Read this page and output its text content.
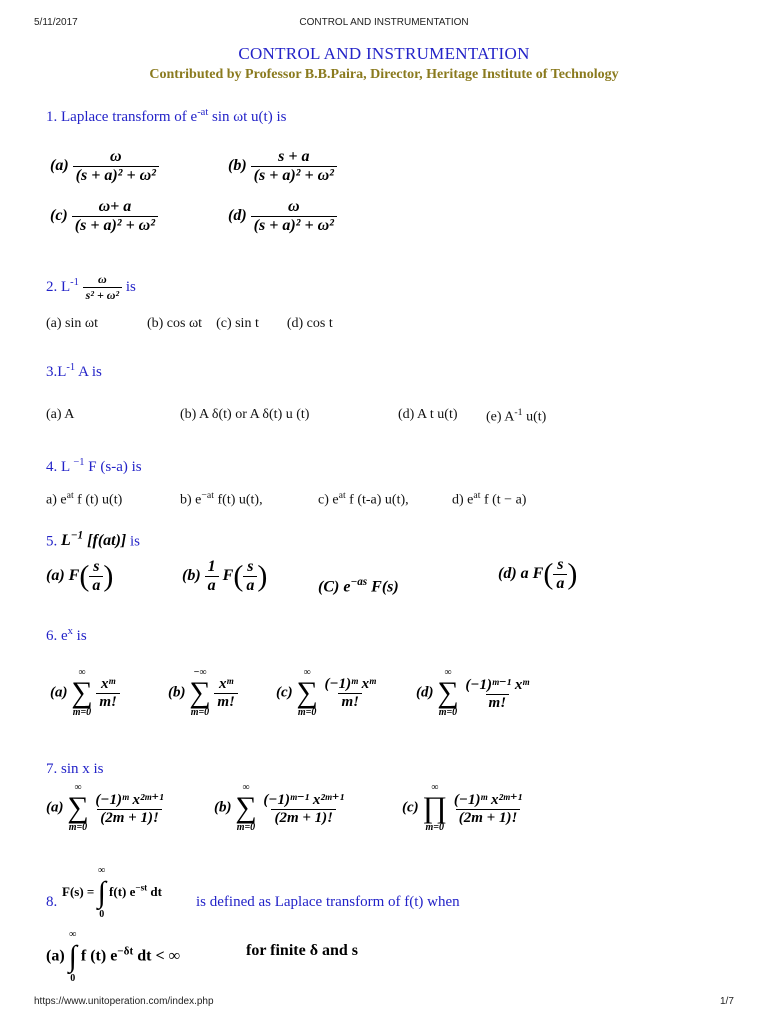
5/11/2017	CONTROL AND INSTRUMENTATION
https://www.unitoperation.com/index.php	1/7
CONTROL AND INSTRUMENTATION
Contributed by Professor B.B.Paira, Director, Heritage Institute of Technology
1. Laplace transform of $e^{-at}$ sin ωt u(t) is
$(a) \frac{\omega}{\text{(s + a)² + ω²}}$	$(b) \frac{s + a}{\text{(s + a)² + ω²}}$
$(c) \frac{\omega+ a}{\text{(s + a)² + ω²}}$	$(d) \frac{\omega}{\text{(s + a)² + ω²}}$
2. $L^{-1} \frac{\omega}{\text{s² + ω²}}$ is
(a) sin ωt              (b) cos ωt    (c) sin t        (d) cos t
$3.L^{-1}$ A is
(a) A	(b) A δ(t) or A δ(t) u (t)	(d) A t u(t) (e) $A^{-1}$ u(t)
4. L $^{-1}$ F (s-a) is
a) $e^{at}$ f (t) u(t)	b) $e^{-at}$ f(t) u(t),	c) $e^{at}$ f (t-a) u(t),	d) $e^{at}$ f (t − a)
5. $L^{-1}$ [f(at)] is
(a) $F( \frac{s}{a}$ )	$(b) \frac{1}{a} F( \frac{s}{a}$ )	(C) $e^{-as}$ F(s)
(d) a $F( \frac{s}{a}$ )
6. $e^x$ is
(a)
∞
∑
m=0

$\frac{\text{xᵐ}}{m!}$	(b)
−∞
∑
m=0

$\frac{\text{xᵐ}}{m!}$	(c)
∞
∑
m=0

$\frac{\text{(−1)ᵐ xᵐ}}{m!} (d)$
∞
∑
m=0

$\frac{\text{(−1)ᵐ⁻¹ xᵐ}}{m!}$
7. sin x is
(a)
∞
∑
m=0

$\frac{\text{(−1)ᵐ x²ᵐ⁺¹}}{(2m + 1)!}$	(b)
∞
∑
m=0

$\frac{\text{(−1)ᵐ⁻¹ x²ᵐ⁺¹}}{(2m + 1)!}$	(c)
∞
∏
m=0

$\frac{\text{(−1)ᵐ x²ᵐ⁺¹}}{(2m + 1)!}$
F(s) =
∞
∫
0
f(t) $e^{-st}$ dt
8.	is defined as Laplace transform of f(t) when
(a)
∞
∫
0
f (t) $e^{-\delta t}$ dt < ∞	for finite δ and s
